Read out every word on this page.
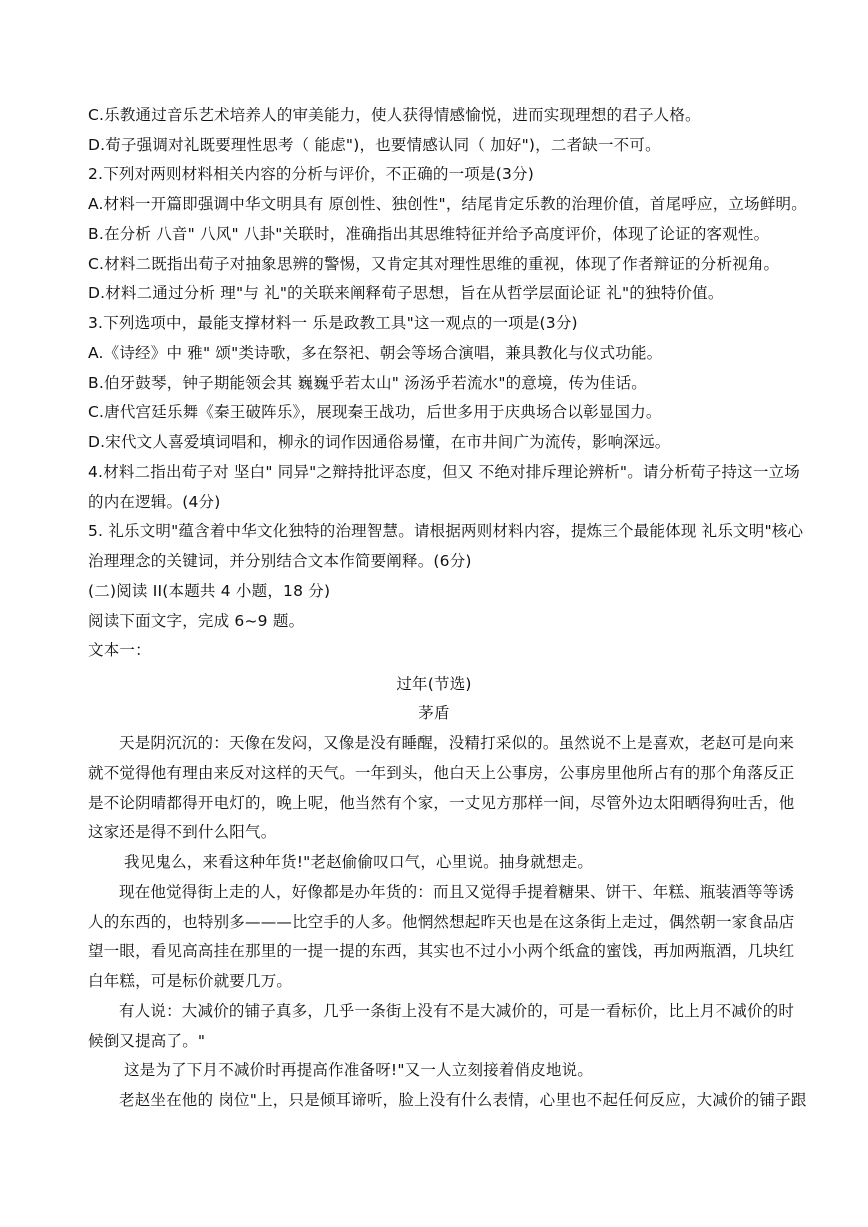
C.乐教通过音乐艺术培养人的审美能力，使人获得情感愉悦，进而实现理想的君子人格。
D.荀子强调对礼既要理性思考（ 能虑")，也要情感认同（ 加好")，二者缺一不可。
2.下列对两则材料相关内容的分析与评价，不正确的一项是(3分)
A.材料一开篇即强调中华文明具有 原创性、独创性"，结尾肯定乐教的治理价值，首尾呼应，立场鲜明。
B.在分析 八音" 八风" 八卦"关联时，准确指出其思维特征并给予高度评价，体现了论证的客观性。
C.材料二既指出荀子对抽象思辨的警惕，又肯定其对理性思维的重视，体现了作者辩证的分析视角。
D.材料二通过分析 理"与 礼"的关联来阐释荀子思想，旨在从哲学层面论证 礼"的独特价值。
3.下列选项中，最能支撑材料一 乐是政教工具"这一观点的一项是(3分)
A.《诗经》中 雅" 颂"类诗歌，多在祭祀、朝会等场合演唱，兼具教化与仪式功能。
B.伯牙鼓琴，钟子期能领会其 巍巍乎若太山" 汤汤乎若流水"的意境，传为佳话。
C.唐代宫廷乐舞《秦王破阵乐》，展现秦王战功，后世多用于庆典场合以彰显国力。
D.宋代文人喜爱填词唱和，柳永的词作因通俗易懂，在市井间广为流传，影响深远。
4.材料二指出荀子对 坚白" 同异"之辩持批评态度，但又 不绝对排斥理论辨析"。请分析荀子持这一立场
的内在逻辑。(4分)
5. 礼乐文明"蕴含着中华文化独特的治理智慧。请根据两则材料内容，提炼三个最能体现 礼乐文明"核心
治理理念的关键词，并分别结合文本作简要阐释。(6分)
(二)阅读 II(本题共 4 小题，18 分)
阅读下面文字，完成 6~9 题。
文本一：
过年(节选)
茅盾
天是阴沉沉的：天像在发闷，又像是没有睡醒，没精打采似的。虽然说不上是喜欢，老赵可是向来
就不觉得他有理由来反对这样的天气。一年到头，他白天上公事房，公事房里他所占有的那个角落反正
是不论阴晴都得开电灯的，晚上呢，他当然有个家，一丈见方那样一间，尽管外边太阳晒得狗吐舌，他
这家还是得不到什么阳气。
我见鬼么，来看这种年货!"老赵偷偷叹口气，心里说。抽身就想走。
现在他觉得街上走的人，好像都是办年货的：而且又觉得手提着糖果、饼干、年糕、瓶装酒等等诱
人的东西的，也特别多———比空手的人多。他惘然想起昨天也是在这条街上走过，偶然朝一家食品店
望一眼，看见高高挂在那里的一提一提的东西，其实也不过小小两个纸盒的蜜饯，再加两瓶酒，几块红
白年糕，可是标价就要几万。
有人说：大减价的铺子真多，几乎一条街上没有不是大减价的，可是一看标价，比上月不减价的时
候倒又提高了。"
这是为了下月不减价时再提高作准备呀!"又一人立刻接着俏皮地说。
老赵坐在他的 岗位"上，只是倾耳谛听，脸上没有什么表情，心里也不起任何反应，大减价的铺子跟
